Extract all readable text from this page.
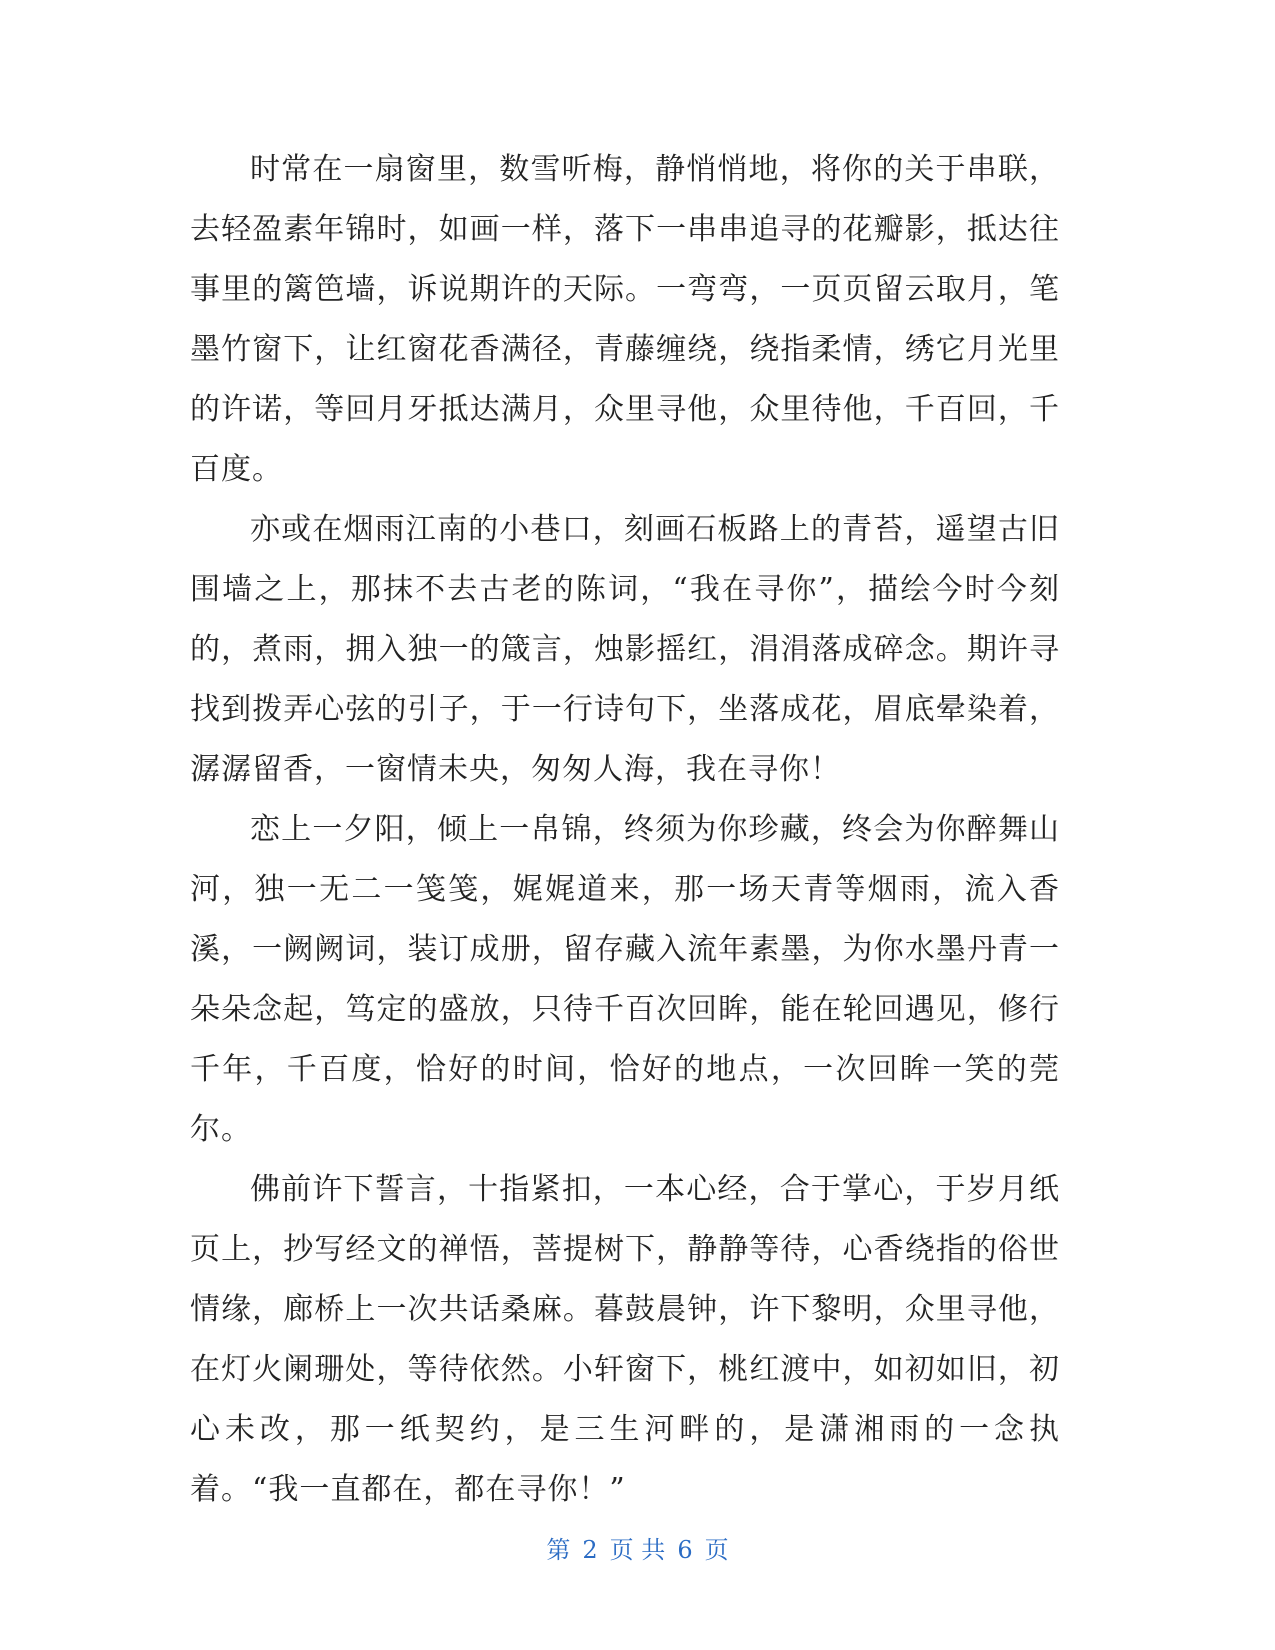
时常在一扇窗里，数雪听梅，静悄悄地，将你的关于串联，去轻盈素年锦时，如画一样，落下一串串追寻的花瓣影，抵达往事里的篱笆墙，诉说期许的天际。一弯弯，一页页留云取月，笔墨竹窗下，让红窗花香满径，青藤缠绕，绕指柔情，绣它月光里的许诺，等回月牙抵达满月，众里寻他，众里待他，千百回，千百度。

亦或在烟雨江南的小巷口，刻画石板路上的青苔，遥望古旧围墙之上，那抹不去古老的陈词，“我在寻你”，描绘今时今刻的，煮雨，拥入独一的箴言，烛影摇红，涓涓落成碎念。期许寻找到拨弄心弦的引子，于一行诗句下，坐落成花，眉底晕染着，潺潺留香，一窗情未央，匆匆人海，我在寻你！

恋上一夕阳，倾上一帛锦，终须为你珍藏，终会为你醉舞山河，独一无二一笺笺，娓娓道来，那一场天青等烟雨，流入香溪，一阙阙词，装订成册，留存藏入流年素墨，为你水墨丹青一朵朵念起，笃定的盛放，只待千百次回眸，能在轮回遇见，修行千年，千百度，恰好的时间，恰好的地点，一次回眸一笑的莞尔。

佛前许下誓言，十指紧扣，一本心经，合于掌心，于岁月纸页上，抄写经文的禅悟，菩提树下，静静等待，心香绕指的俗世情缘，廊桥上一次共话桑麻。暮鼓晨钟，许下黎明，众里寻他，在灯火阑珊处，等待依然。小轩窗下，桃红渡中，如初如旧，初心未改，那一纸契约，是三生河畔的，是潇湘雨的一念执着。“我一直都在，都在寻你！”

第 2 页 共 6 页
